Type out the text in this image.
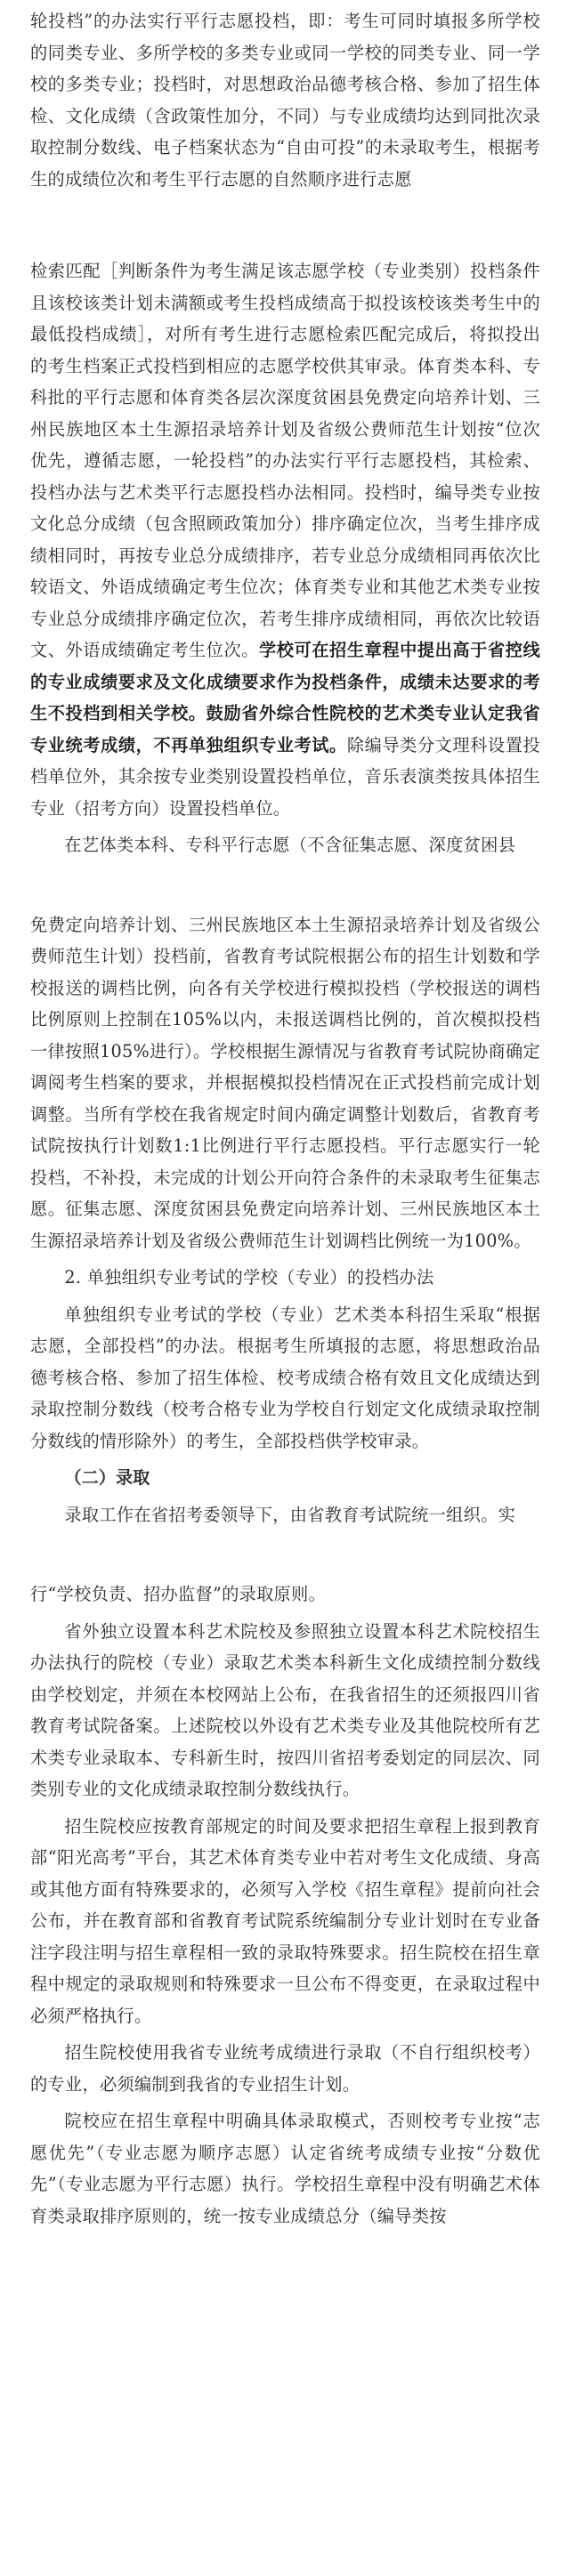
轮投档”的办法实行平行志愿投档，即：考生可同时填报多所学校的同类专业、多所学校的多类专业或同一学校的同类专业、同一学校的多类专业；投档时，对思想政治品德考核合格、参加了招生体检、文化成绩（含政策性加分，不同）与专业成绩均达到同批次录取控制分数线、电子档案状态为“自由可投”的未录取考生，根据考生的成绩位次和考生平行志愿的自然顺序进行志愿

检索匹配［判断条件为考生满足该志愿学校（专业类别）投档条件且该校该类计划未满额或考生投档成绩高于拟投该校该类考生中的最低投档成绩］，对所有考生进行志愿检索匹配完成后，将拟投出的考生档案正式投档到相应的志愿学校供其审录。体育类本科、专科批的平行志愿和体育类各层次深度贫困县免费定向培养计划、三州民族地区本土生源招录培养计划及省级公费师范生计划按“位次优先，遵循志愿，一轮投档”的办法实行平行志愿投档，其检索、投档办法与艺术类平行志愿投档办法相同。投档时，编导类专业按文化总分成绩（包含照顾政策加分）排序确定位次，当考生排序成绩相同时，再按专业总分成绩排序，若专业总分成绩相同再依次比较语文、外语成绩确定考生位次；体育类专业和其他艺术类专业按专业总分成绩排序确定位次，若考生排序成绩相同，再依次比较语文、外语成绩确定考生位次。学校可在招生章程中提出高于省控线的专业成绩要求及文化成绩要求作为投档条件，成绩未达要求的考生不投档到相关学校。鼓励省外综合性院校的艺术类专业认定我省专业统考成绩，不再单独组织专业考试。除编导类分文理科设置投档单位外，其余按专业类别设置投档单位，音乐表演类按具体招生专业（招考方向）设置投档单位。

在艺体类本科、专科平行志愿（不含征集志愿、深度贫困县

免费定向培养计划、三州民族地区本土生源招录培养计划及省级公费师范生计划）投档前，省教育考试院根据公布的招生计划数和学校报送的调档比例，向各有关学校进行模拟投档（学校报送的调档比例原则上控制在105%以内，未报送调档比例的，首次模拟投档一律按照105%进行）。学校根据生源情况与省教育考试院协商确定调阅考生档案的要求，并根据模拟投档情况在正式投档前完成计划调整。当所有学校在我省规定时间内确定调整计划数后，省教育考试院按执行计划数1:1比例进行平行志愿投档。平行志愿实行一轮投档，不补投，未完成的计划公开向符合条件的未录取考生征集志愿。征集志愿、深度贫困县免费定向培养计划、三州民族地区本土生源招录培养计划及省级公费师范生计划调档比例统一为100%。

2. 单独组织专业考试的学校（专业）的投档办法

单独组织专业考试的学校（专业）艺术类本科招生采取“根据志愿，全部投档”的办法。根据考生所填报的志愿，将思想政治品德考核合格、参加了招生体检、校考成绩合格有效且文化成绩达到录取控制分数线（校考合格专业为学校自行划定文化成绩录取控制分数线的情形除外）的考生，全部投档供学校审录。

（二）录取

录取工作在省招考委领导下，由省教育考试院统一组织。实

行“学校负责、招办监督”的录取原则。

省外独立设置本科艺术院校及参照独立设置本科艺术院校招生办法执行的院校（专业）录取艺术类本科新生文化成绩控制分数线由学校划定，并须在本校网站上公布，在我省招生的还须报四川省教育考试院备案。上述院校以外设有艺术类专业及其他院校所有艺术类专业录取本、专科新生时，按四川省招考委划定的同层次、同类别专业的文化成绩录取控制分数线执行。

招生院校应按教育部规定的时间及要求把招生章程上报到教育部“阳光高考”平台，其艺术体育类专业中若对考生文化成绩、身高或其他方面有特殊要求的，必须写入学校《招生章程》提前向社会公布，并在教育部和省教育考试院系统编制分专业计划时在专业备注字段注明与招生章程相一致的录取特殊要求。招生院校在招生章程中规定的录取规则和特殊要求一旦公布不得变更，在录取过程中必须严格执行。

招生院校使用我省专业统考成绩进行录取（不自行组织校考）的专业，必须编制到我省的专业招生计划。

院校应在招生章程中明确具体录取模式，否则校考专业按“志愿优先”（专业志愿为顺序志愿）认定省统考成绩专业按“分数优先”（专业志愿为平行志愿）执行。学校招生章程中没有明确艺术体育类录取排序原则的，统一按专业成绩总分（编导类按
